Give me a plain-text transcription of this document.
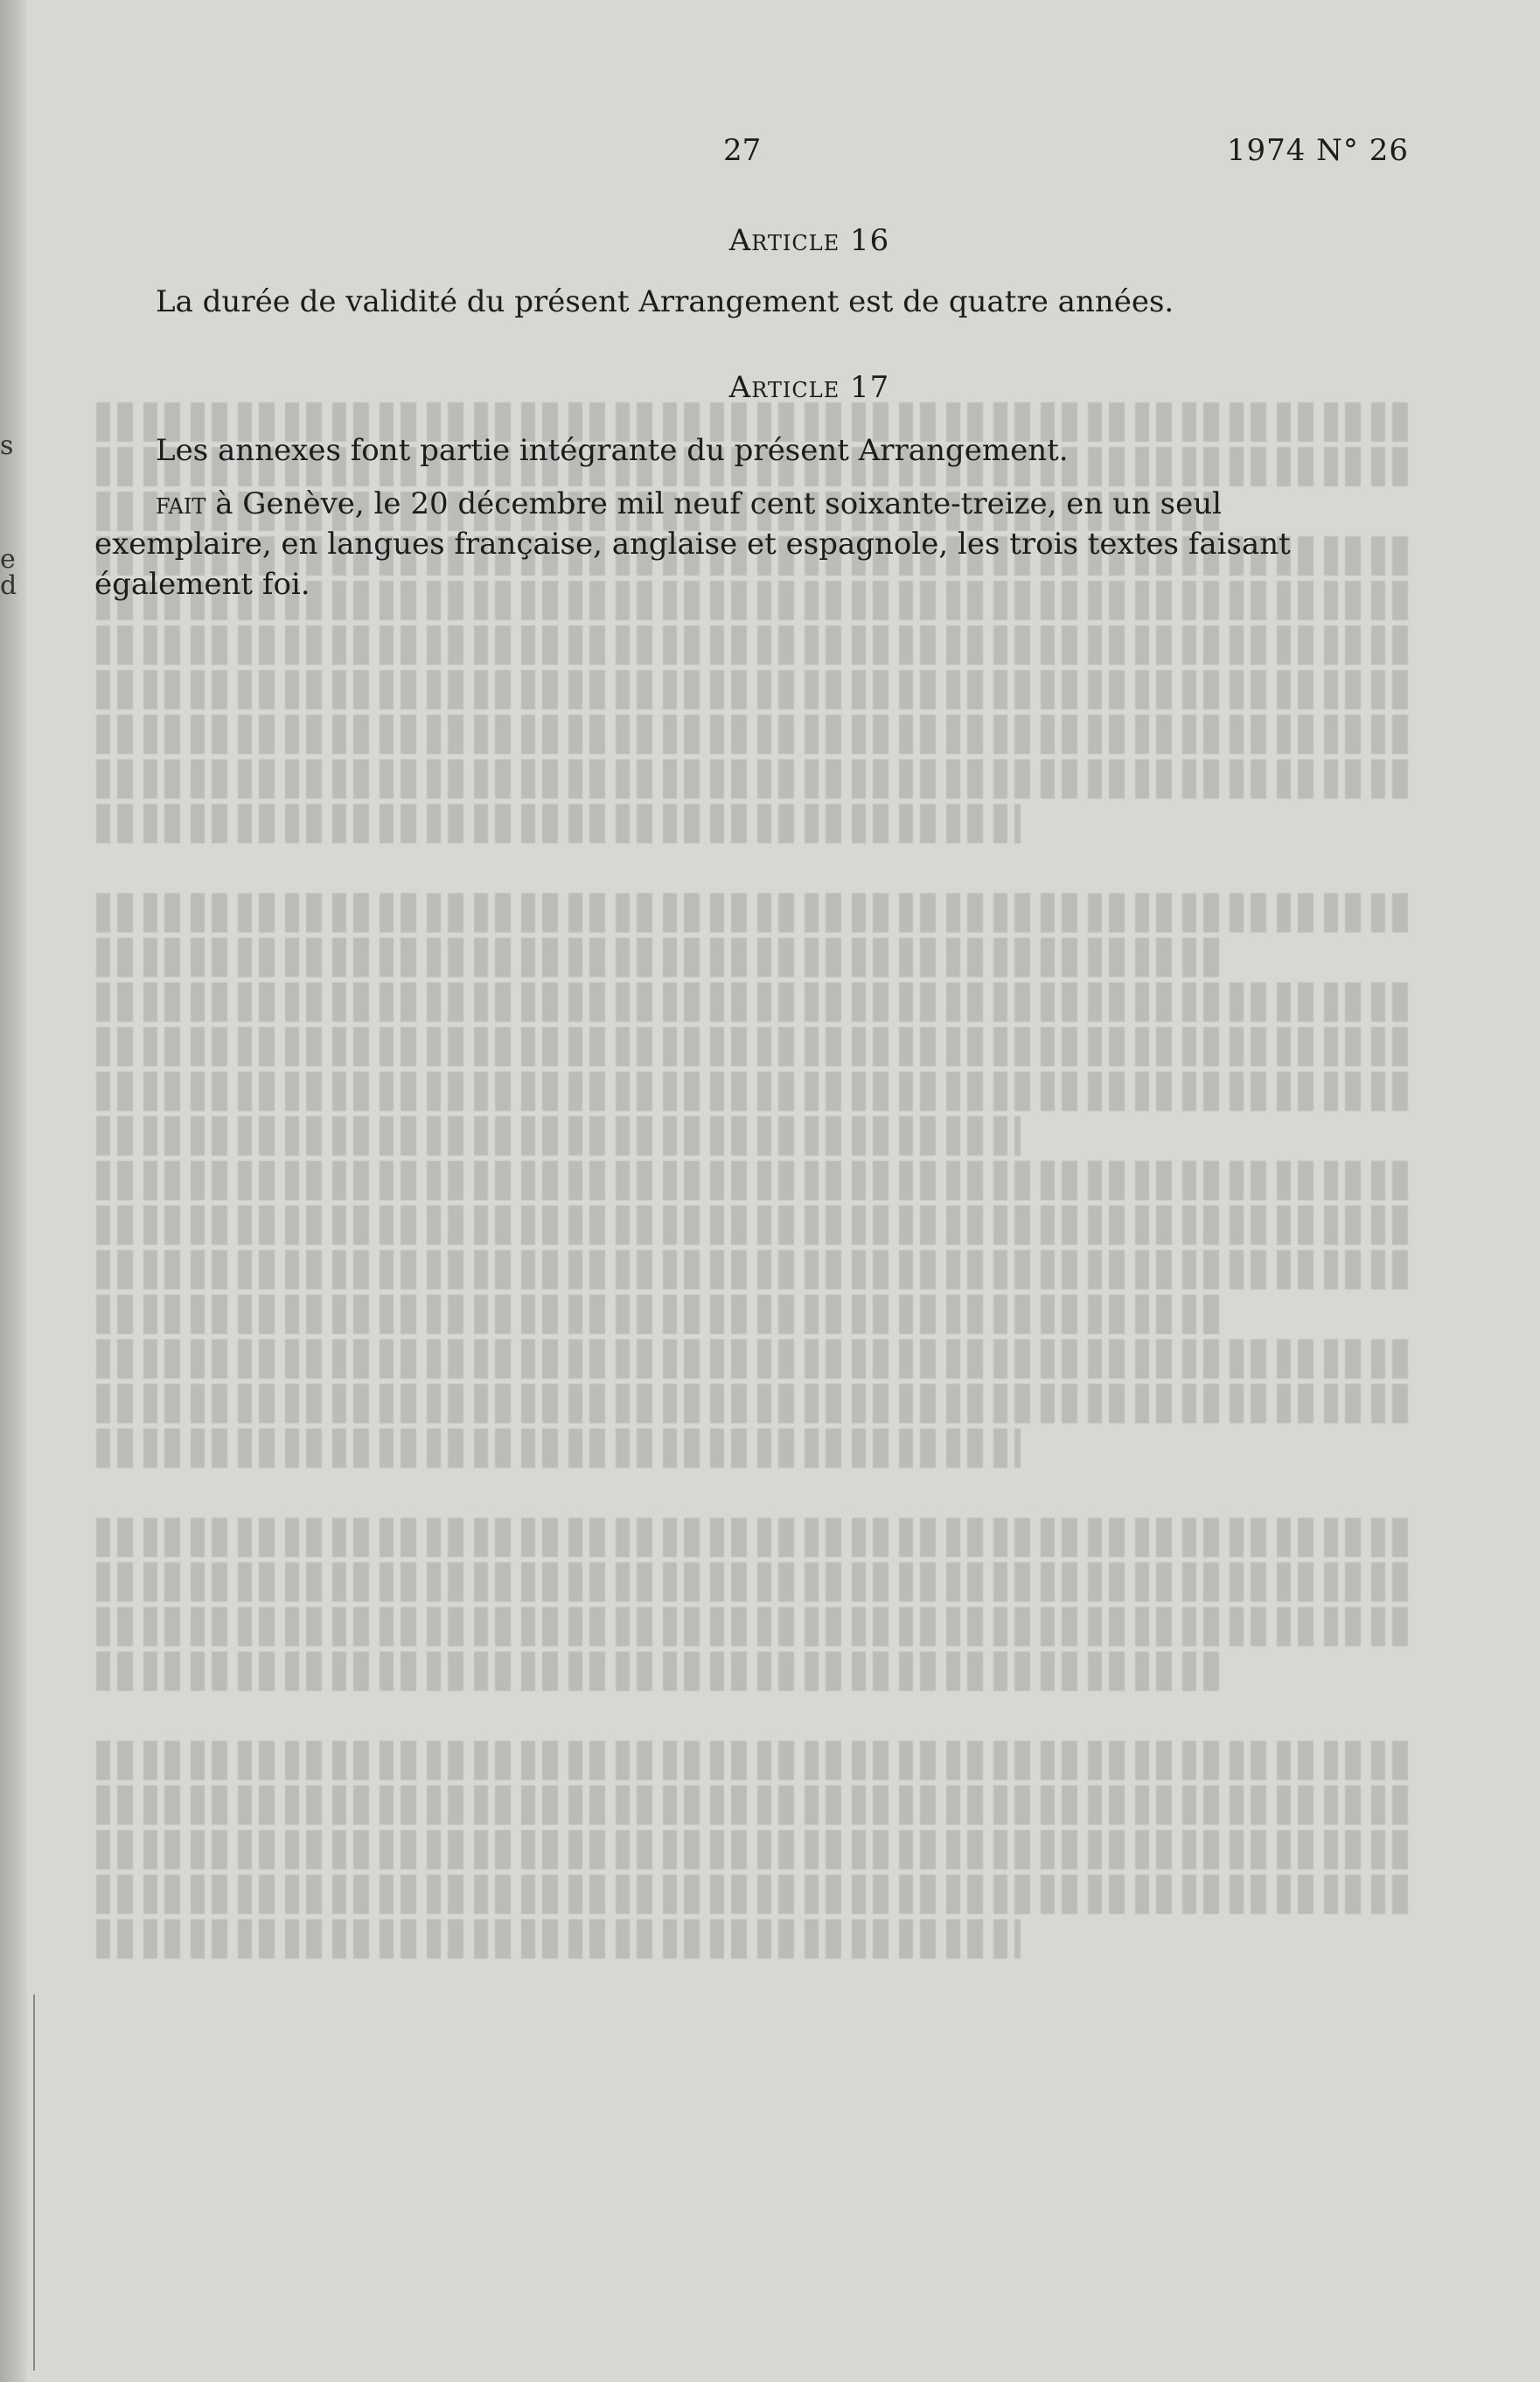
s
e
d
27	1974 N° 26
Article 16
La durée de validité du présent Arrangement est de quatre années.
Article 17
Les annexes font partie intégrante du présent Arrangement.
fait à Genève, le 20 décembre mil neuf cent soixante-treize, en un seul
exemplaire, en langues française, anglaise et espagnole, les trois textes faisant
également foi.
